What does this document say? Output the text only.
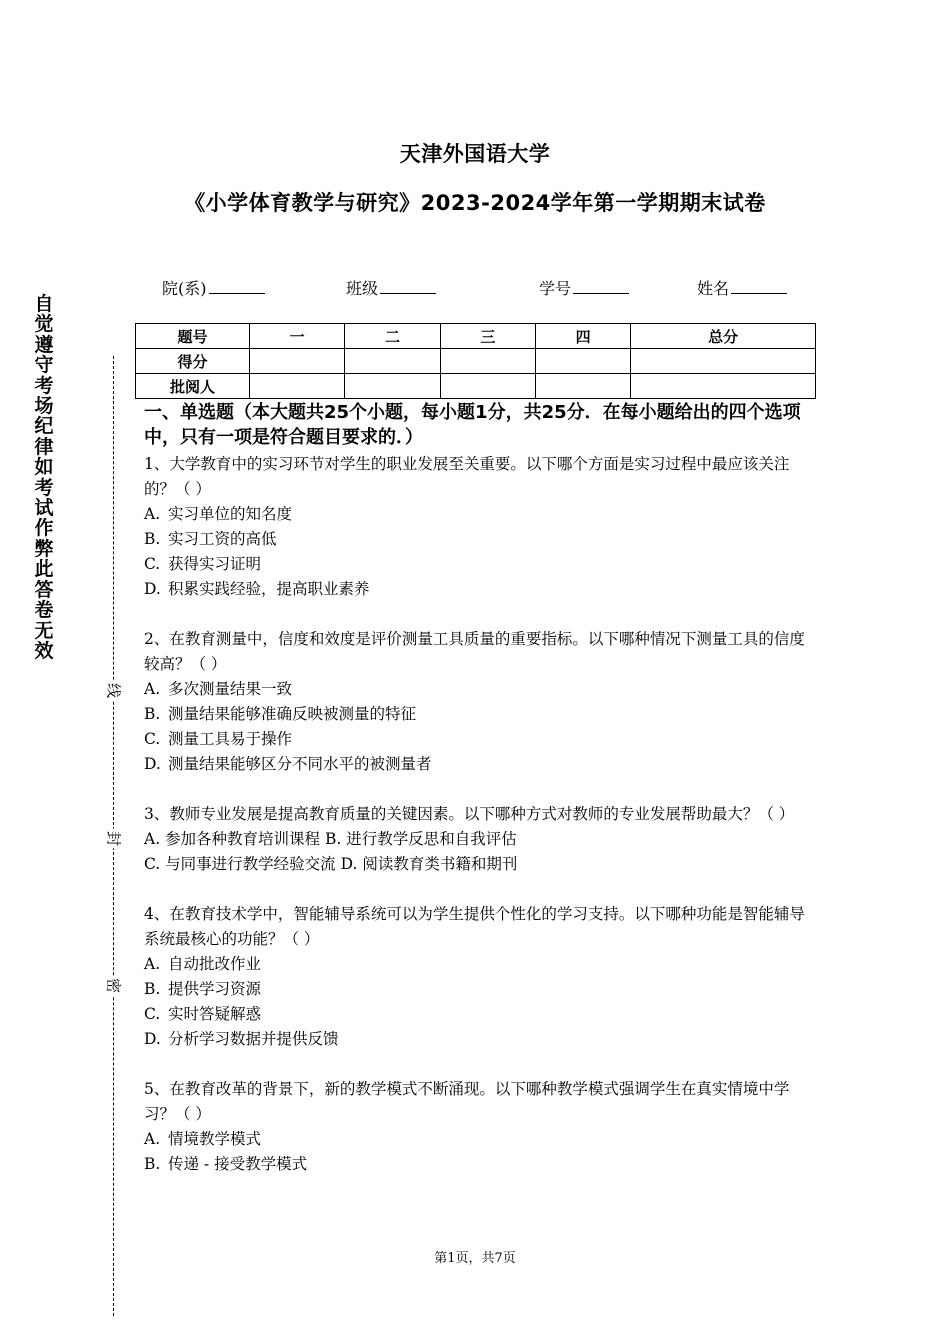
天津外国语大学
《小学体育教学与研究》2023-2024学年第一学期期末试卷
院(系)	班级	学号	姓名
题号	一	二	三	四	总分
得分					
批阅人					
自觉遵守考场纪律如考试作弊此答卷无效
线
封
密
一、单选题（本大题共25个小题，每小题1分，共25分．在每小题给出的四个选项中，只有一项是符合题目要求的．）
1、大学教育中的实习环节对学生的职业发展至关重要。以下哪个方面是实习过程中最应该关注的？（ ）
A. 实习单位的知名度
B. 实习工资的高低
C. 获得实习证明
D. 积累实践经验，提高职业素养
2、在教育测量中，信度和效度是评价测量工具质量的重要指标。以下哪种情况下测量工具的信度较高？（ ）
A. 多次测量结果一致
B. 测量结果能够准确反映被测量的特征
C. 测量工具易于操作
D. 测量结果能够区分不同水平的被测量者
3、教师专业发展是提高教育质量的关键因素。以下哪种方式对教师的专业发展帮助最大？（ ）
A. 参加各种教育培训课程 B. 进行教学反思和自我评估
C. 与同事进行教学经验交流 D. 阅读教育类书籍和期刊
4、在教育技术学中，智能辅导系统可以为学生提供个性化的学习支持。以下哪种功能是智能辅导系统最核心的功能？（ ）
A. 自动批改作业
B. 提供学习资源
C. 实时答疑解惑
D. 分析学习数据并提供反馈
5、在教育改革的背景下，新的教学模式不断涌现。以下哪种教学模式强调学生在真实情境中学习？（ ）
A. 情境教学模式
B. 传递 - 接受教学模式
第1页，共7页
